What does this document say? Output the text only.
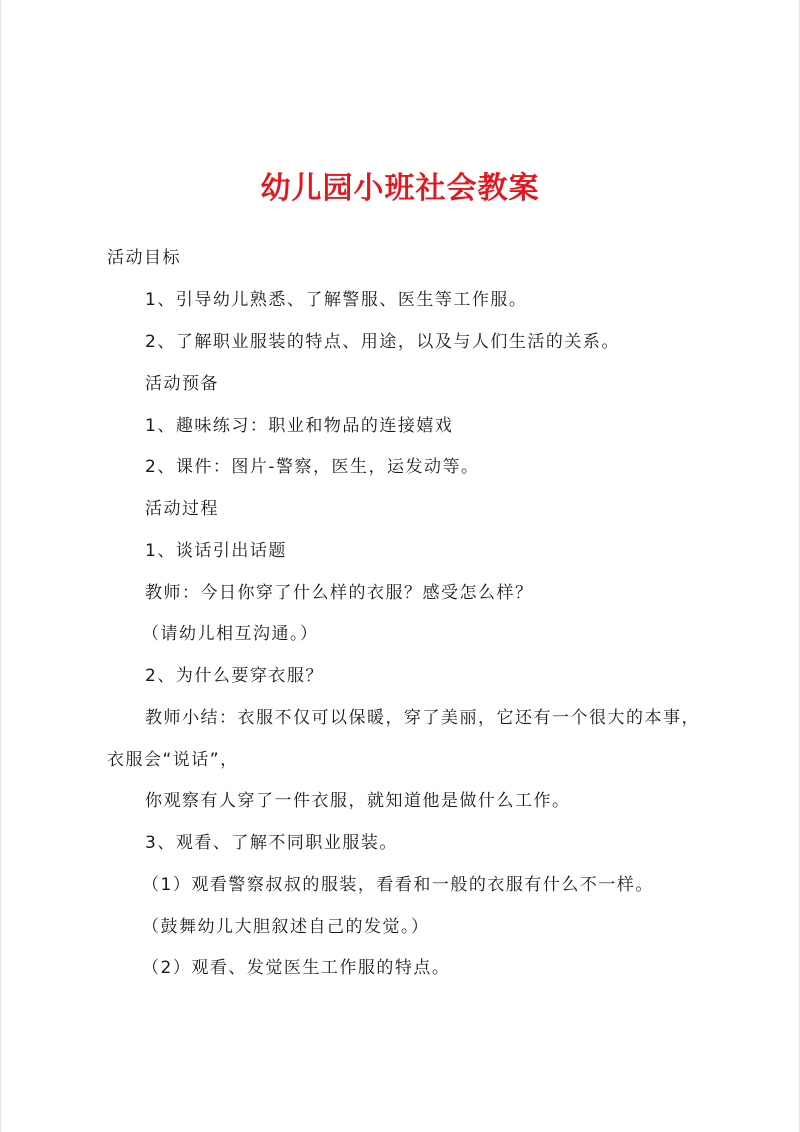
幼儿园小班社会教案
活动目标
1、引导幼儿熟悉、了解警服、医生等工作服。
2、了解职业服装的特点、用途，以及与人们生活的关系。
活动预备
1、趣味练习：职业和物品的连接嬉戏
2、课件：图片-警察，医生，运发动等。
活动过程
1、谈话引出话题
教师：今日你穿了什么样的衣服？感受怎么样？
（请幼儿相互沟通。）
2、为什么要穿衣服？
教师小结：衣服不仅可以保暖，穿了美丽，它还有一个很大的本事，
衣服会“说话”，
你观察有人穿了一件衣服，就知道他是做什么工作。
3、观看、了解不同职业服装。
（1）观看警察叔叔的服装，看看和一般的衣服有什么不一样。
（鼓舞幼儿大胆叙述自己的发觉。）
（2）观看、发觉医生工作服的特点。
